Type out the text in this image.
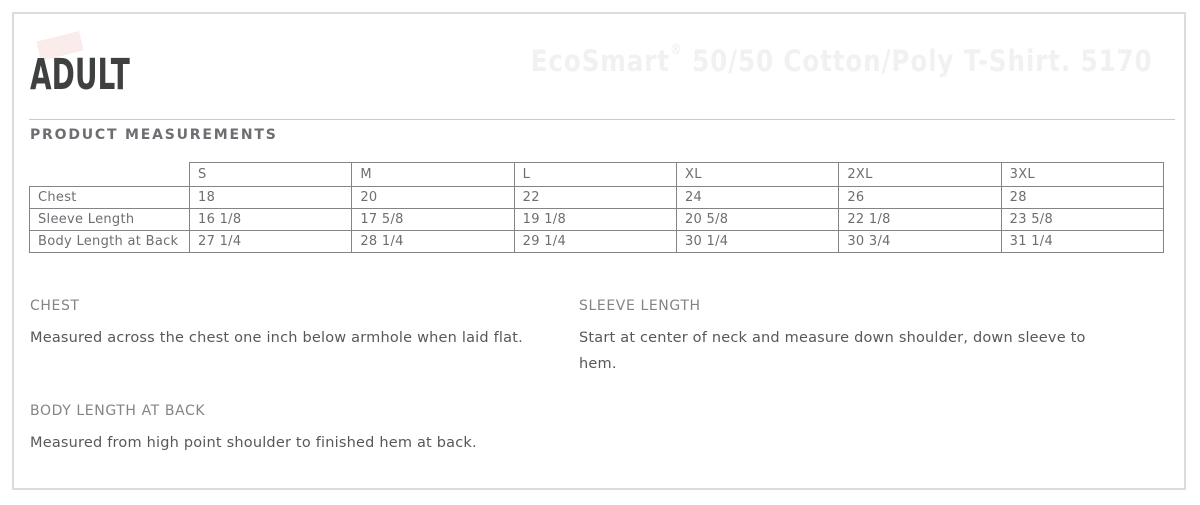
ADULT	EcoSmart® 50/50 Cotton/Poly T-Shirt. 5170
PRODUCT MEASUREMENTS
	S	M	L	XL	2XL	3XL
Chest	18	20	22	24	26	28
Sleeve Length	16 1/8	17 5/8	19 1/8	20 5/8	22 1/8	23 5/8
Body Length at Back	27 1/4	28 1/4	29 1/4	30 1/4	30 3/4	31 1/4
CHEST

Measured across the chest one inch below armhole when laid flat.

SLEEVE LENGTH

Start at center of neck and measure down shoulder, down sleeve to hem.

BODY LENGTH AT BACK

Measured from high point shoulder to finished hem at back.
